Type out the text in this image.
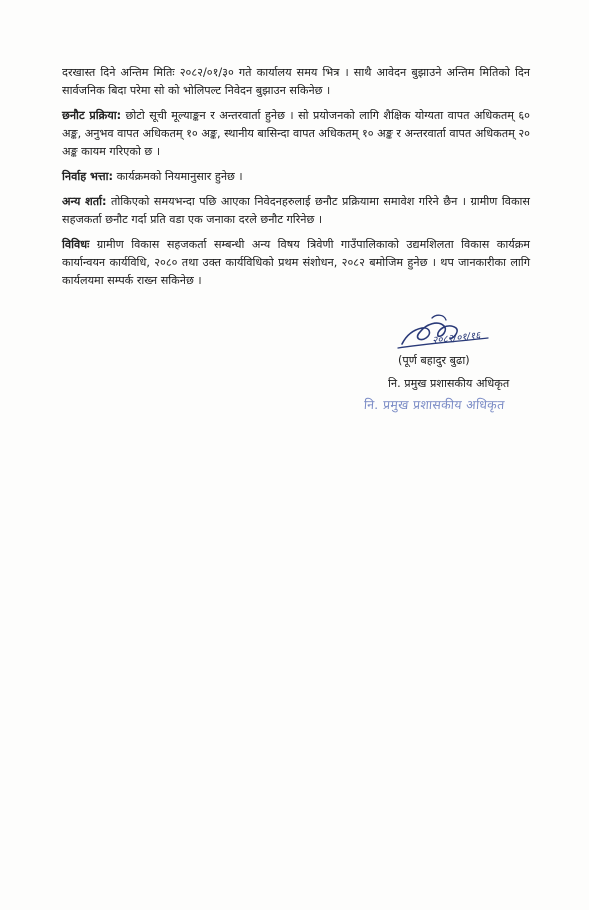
दरखास्त दिने अन्तिम मितिः २०८२/०१/३० गते कार्यालय समय भित्र । साथै आवेदन बुझाउने अन्तिम मितिको दिन सार्वजनिक बिदा परेमा सो को भोलिपल्ट निवेदन बुझाउन सकिनेछ ।

छनौट प्रक्रिया: छोटो सूची मूल्याङ्कन र अन्तरवार्ता हुनेछ । सो प्रयोजनको लागि शैक्षिक योग्यता वापत अधिकतम् ६० अङ्क, अनुभव वापत अधिकतम् १० अङ्क, स्थानीय बासिन्दा वापत अधिकतम् १० अङ्क र अन्तरवार्ता वापत अधिकतम् २० अङ्क कायम गरिएको छ ।

निर्वाह भत्ता: कार्यक्रमको नियमानुसार हुनेछ ।

अन्य शर्ता: तोकिएको समयभन्दा पछि आएका निवेदनहरुलाई छनौट प्रक्रियामा समावेश गरिने छैन । ग्रामीण विकास सहजकर्ता छनौट गर्दा प्रति वडा एक जनाका दरले छनौट गरिनेछ ।

विविधः ग्रामीण विकास सहजकर्ता सम्बन्धी अन्य विषय त्रिवेणी गाउँपालिकाको उद्यमशिलता विकास कार्यक्रम कार्यान्वयन कार्यविधि, २०८० तथा उक्त कार्यविधिको प्रथम संशोधन, २०८२ बमोजिम हुनेछ । थप जानकारीका लागि कार्यलयमा सम्पर्क राख्न सकिनेछ ।

२०८२/०१/१६
(पूर्ण बहादुर बुढा)
नि. प्रमुख प्रशासकीय अधिकृत
नि. प्रमुख प्रशासकीय अधिकृत
